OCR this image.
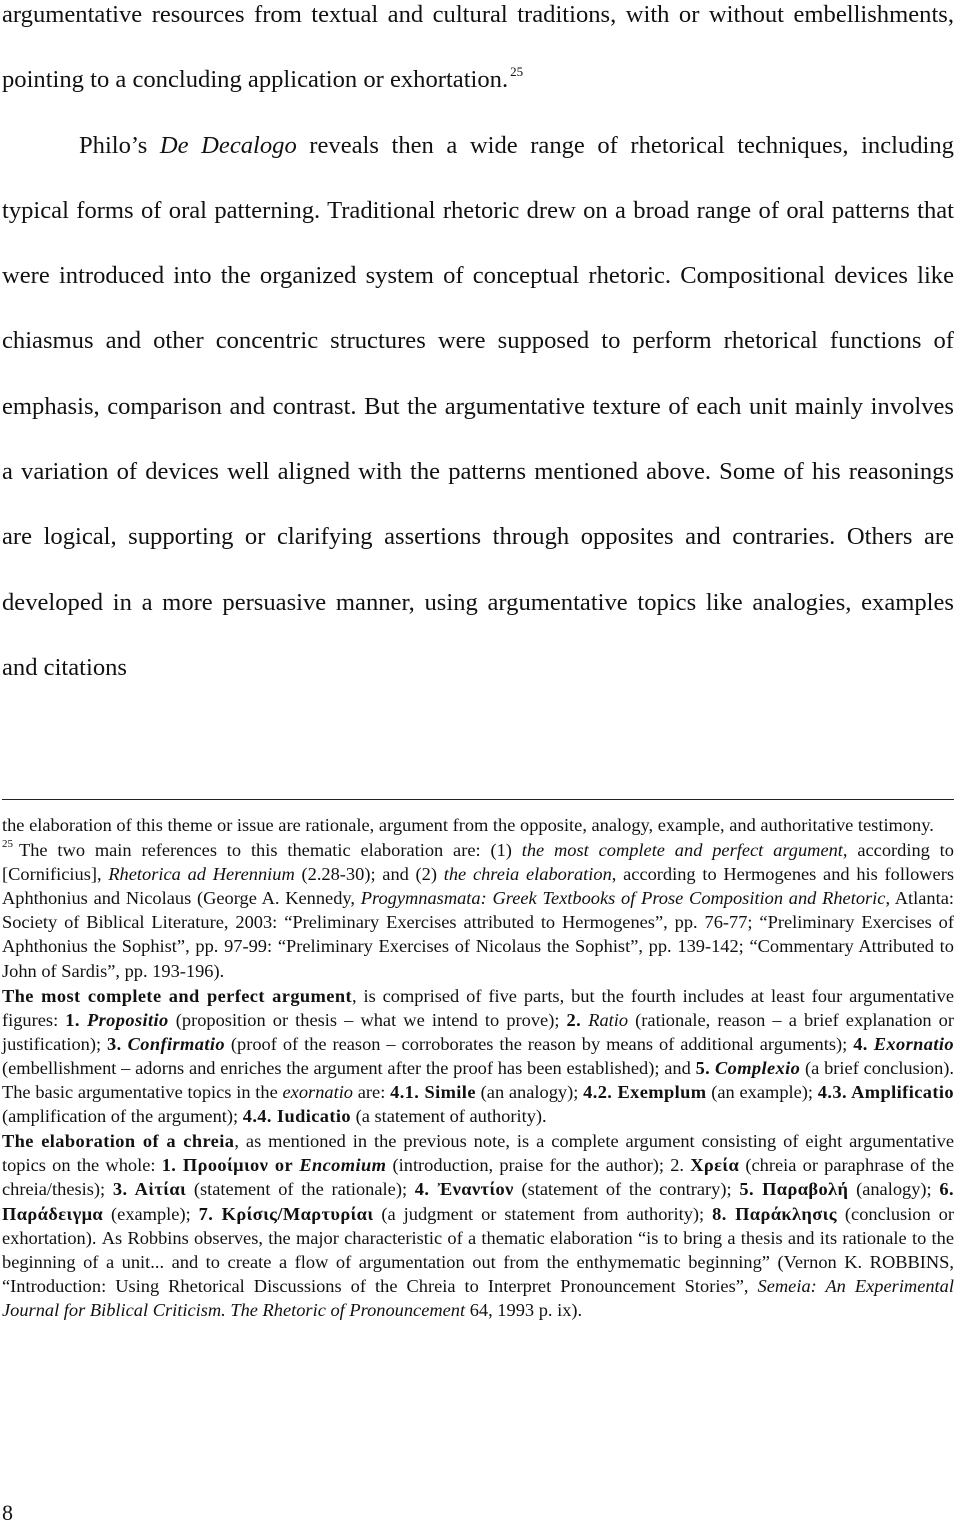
argumentative resources from textual and cultural traditions, with or without embellishments, pointing to a concluding application or exhortation. $^{25}$

Philo’s De Decalogo reveals then a wide range of rhetorical techniques, including typical forms of oral patterning. Traditional rhetoric drew on a broad range of oral patterns that were introduced into the organized system of conceptual rhetoric. Compositional devices like chiasmus and other concentric structures were supposed to perform rhetorical functions of emphasis, comparison and contrast. But the argumentative texture of each unit mainly involves a variation of devices well aligned with the patterns mentioned above. Some of his reasonings are logical, supporting or clarifying assertions through opposites and contraries. Others are developed in a more persuasive manner, using argumentative topics like analogies, examples and citations

the elaboration of this theme or issue are rationale, argument from the opposite, analogy, example, and authoritative testimony.

$^{25}$ The two main references to this thematic elaboration are: (1) the most complete and perfect argument, according to [Cornificius], Rhetorica ad Herennium (2.28-30); and (2) the chreia elaboration, according to Hermogenes and his followers Aphthonius and Nicolaus (George A. Kennedy, Progymnasmata: Greek Textbooks of Prose Composition and Rhetoric, Atlanta: Society of Biblical Literature, 2003: “Preliminary Exercises attributed to Hermogenes”, pp. 76-77; “Preliminary Exercises of Aphthonius the Sophist”, pp. 97-99: “Preliminary Exercises of Nicolaus the Sophist”, pp. 139-142; “Commentary Attributed to John of Sardis”, pp. 193-196).

The most complete and perfect argument, is comprised of five parts, but the fourth includes at least four argumentative figures: 1. Propositio (proposition or thesis – what we intend to prove); 2. Ratio (rationale, reason – a brief explanation or justification); 3. Confirmatio (proof of the reason – corroborates the reason by means of additional arguments); 4. Exornatio (embellishment – adorns and enriches the argument after the proof has been established); and 5. Complexio (a brief conclusion). The basic argumentative topics in the exornatio are: 4.1. Simile (an analogy); 4.2. Exemplum (an example); 4.3. Amplificatio (amplification of the argument); 4.4. Iudicatio (a statement of authority).

The elaboration of a chreia, as mentioned in the previous note, is a complete argument consisting of eight argumentative topics on the whole: 1. Προοίμιον or Encomium (introduction, praise for the author); 2. Χρεία (chreia or paraphrase of the chreia/thesis); 3. Αἰτίαι (statement of the rationale); 4. Ἐναντίον (statement of the contrary); 5. Παραβολή (analogy); 6. Παράδειγμα (example); 7. Κρίσις/Μαρτυρίαι (a judgment or statement from authority); 8. Παράκλησις (conclusion or exhortation). As Robbins observes, the major characteristic of a thematic elaboration “is to bring a thesis and its rationale to the beginning of a unit... and to create a flow of argumentation out from the enthymematic beginning” (Vernon K. ROBBINS, “Introduction: Using Rhetorical Discussions of the Chreia to Interpret Pronouncement Stories”, Semeia: An Experimental Journal for Biblical Criticism. The Rhetoric of Pronouncement 64, 1993 p. ix).

8
